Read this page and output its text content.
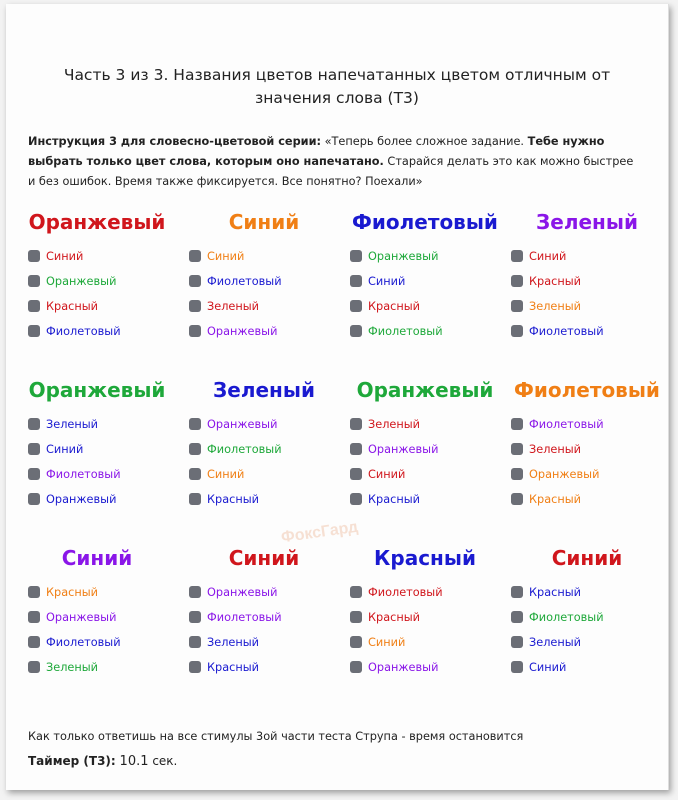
ФоксГард
Часть 3 из 3. Названия цветов напечатанных цветом отличным от значения слова (Т3)
Инструкция 3 для словесно-цветовой серии: «Теперь более сложное задание. Тебе нужно выбрать только цвет слова, которым оно напечатано. Старайся делать это как можно быстрее и без ошибок. Время также фиксируется. Все понятно? Поехали»
Оранжевый
Синий
Оранжевый
Красный
Фиолетовый
Синий
Синий
Фиолетовый
Зеленый
Оранжевый
Фиолетовый
Оранжевый
Синий
Красный
Фиолетовый
Зеленый
Синий
Красный
Зеленый
Фиолетовый
Оранжевый
Зеленый
Синий
Фиолетовый
Оранжевый
Зеленый
Оранжевый
Фиолетовый
Синий
Красный
Оранжевый
Зеленый
Оранжевый
Синий
Красный
Фиолетовый
Фиолетовый
Зеленый
Оранжевый
Красный
Синий
Красный
Оранжевый
Фиолетовый
Зеленый
Синий
Оранжевый
Фиолетовый
Зеленый
Красный
Красный
Фиолетовый
Красный
Синий
Оранжевый
Синий
Красный
Фиолетовый
Зеленый
Синий
Как только ответишь на все стимулы 3ой части теста Струпа - время остановится
Таймер (Т3): 10.1 сек.
